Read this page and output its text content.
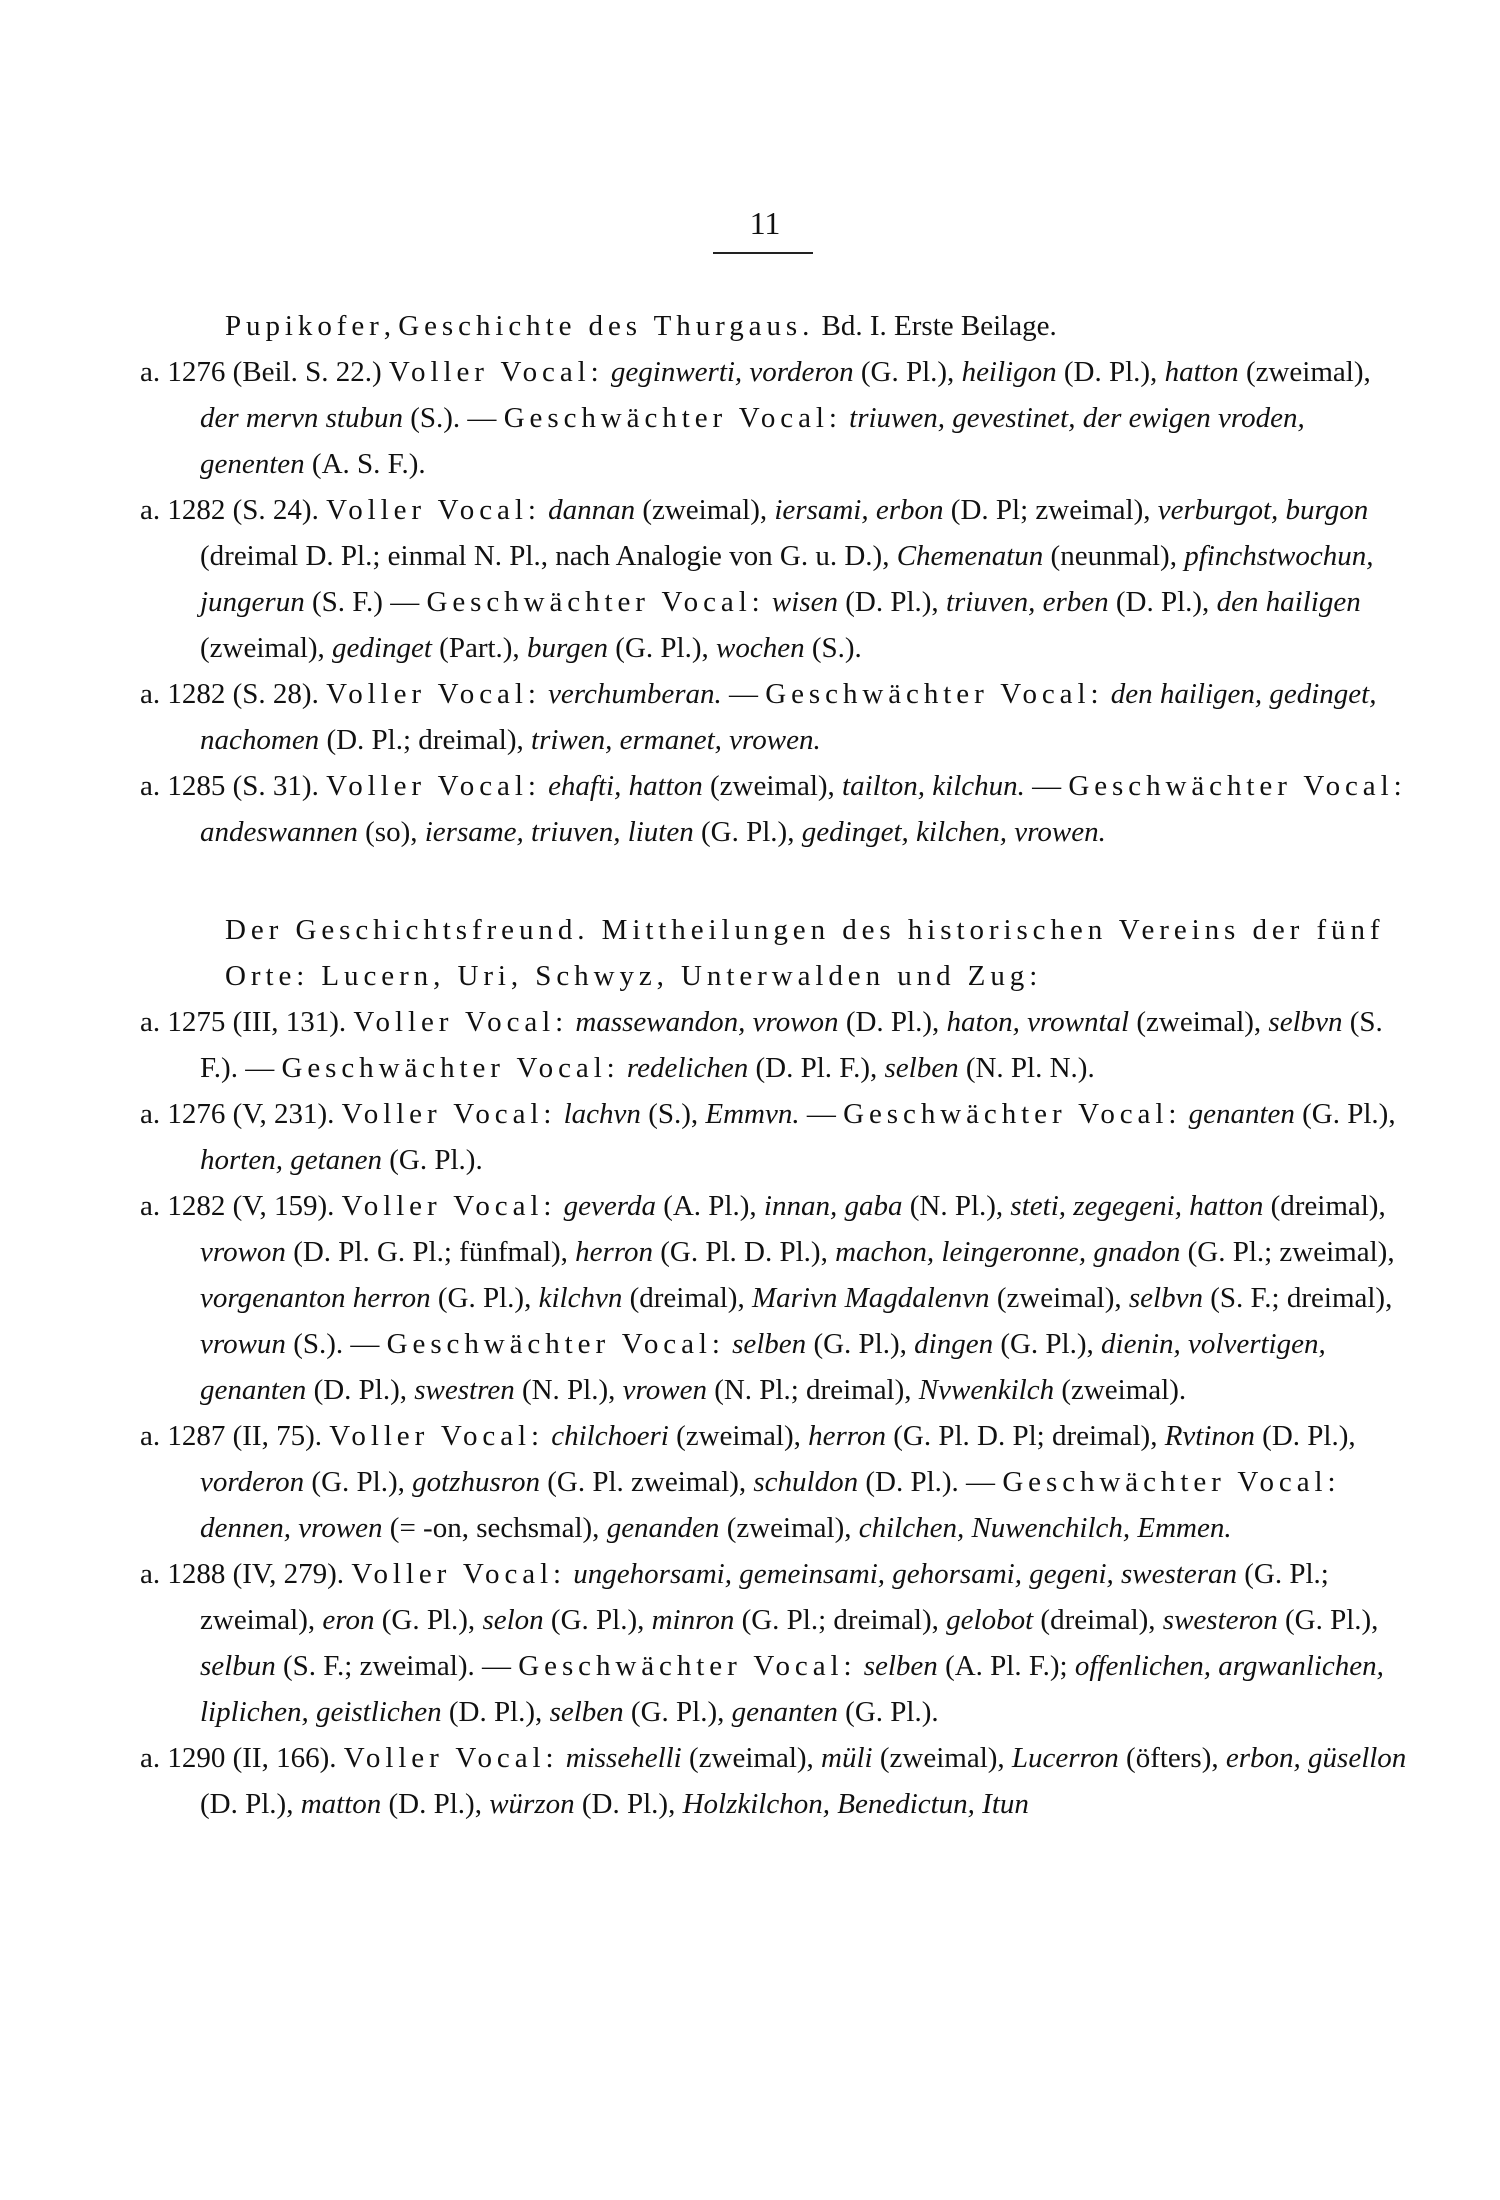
11
Pupikofer, Geschichte des Thurgaus. Bd. I. Erste Beilage.
a. 1276 (Beil. S. 22.) Voller Vocal: geginwerti, vorderon (G. Pl.), heiligon (D. Pl.), hatton (zweimal), der mervn stubun (S.). — Geschwächter Vocal: triuwen, gevestinet, der ewigen vroden, genenten (A. S. F.).
a. 1282 (S. 24). Voller Vocal: dannan (zweimal), iersami, erbon (D. Pl; zweimal), verburgot, burgon (dreimal D. Pl.; einmal N. Pl., nach Analogie von G. u. D.), Chemenatun (neunmal), pfinchstwochun, jungerun (S. F.) — Geschwächter Vocal: wisen (D. Pl.), triuven, erben (D. Pl.), den hailigen (zweimal), gedinget (Part.), burgen (G. Pl.), wochen (S.).
a. 1282 (S. 28). Voller Vocal: verchumberan. — Geschwächter Vocal: den hailigen, gedinget, nachomen (D. Pl.; dreimal), triwen, ermanet, vrowen.
a. 1285 (S. 31). Voller Vocal: ehafti, hatton (zweimal), tailton, kilchun. — Geschwächter Vocal: andeswannen (so), iersame, triuven, liuten (G. Pl.), gedinget, kilchen, vrowen.
Der Geschichtsfreund. Mittheilungen des historischen Vereins der fünf Orte: Lucern, Uri, Schwyz, Unterwalden und Zug:
a. 1275 (III, 131). Voller Vocal: massewandon, vrowon (D. Pl.), haton, vrowntal (zweimal), selbvn (S. F.). — Geschwächter Vocal: redelichen (D. Pl. F.), selben (N. Pl. N.).
a. 1276 (V, 231). Voller Vocal: lachvn (S.), Emmvn. — Geschwächter Vocal: genanten (G. Pl.), horten, getanen (G. Pl.).
a. 1282 (V, 159). Voller Vocal: geverda (A. Pl.), innan, gaba (N. Pl.), steti, zegegeni, hatton (dreimal), vrowon (D. Pl. G. Pl.; fünfmal), herron (G. Pl. D. Pl.), machon, leingeronne, gnadon (G. Pl.; zweimal), vorgenanton herron (G. Pl.), kilchvn (dreimal), Marivn Magdalenvn (zweimal), selbvn (S. F.; dreimal), vrowun (S.). — Geschwächter Vocal: selben (G. Pl.), dingen (G. Pl.), dienin, volvertigen, genanten (D. Pl.), swestren (N. Pl.), vrowen (N. Pl.; dreimal), Nvwenkilch (zweimal).
a. 1287 (II, 75). Voller Vocal: chilchoeri (zweimal), herron (G. Pl. D. Pl; dreimal), Rvtinon (D. Pl.), vorderon (G. Pl.), gotzhusron (G. Pl. zweimal), schuldon (D. Pl.). — Geschwächter Vocal: dennen, vrowen (= -on, sechsmal), genanden (zweimal), chilchen, Nuwenchilch, Emmen.
a. 1288 (IV, 279). Voller Vocal: ungehorsami, gemeinsami, gehorsami, gegeni, swesteran (G. Pl.; zweimal), eron (G. Pl.), selon (G. Pl.), minron (G. Pl.; dreimal), gelobot (dreimal), swesteron (G. Pl.), selbun (S. F.; zweimal). — Geschwächter Vocal: selben (A. Pl. F.); offenlichen, argwanlichen, liplichen, geistlichen (D. Pl.), selben (G. Pl.), genanten (G. Pl.).
a. 1290 (II, 166). Voller Vocal: missehelli (zweimal), müli (zweimal), Lucerron (öfters), erbon, güsellon (D. Pl.), matton (D. Pl.), würzon (D. Pl.), Holzkilchon, Benedictun, Itun
